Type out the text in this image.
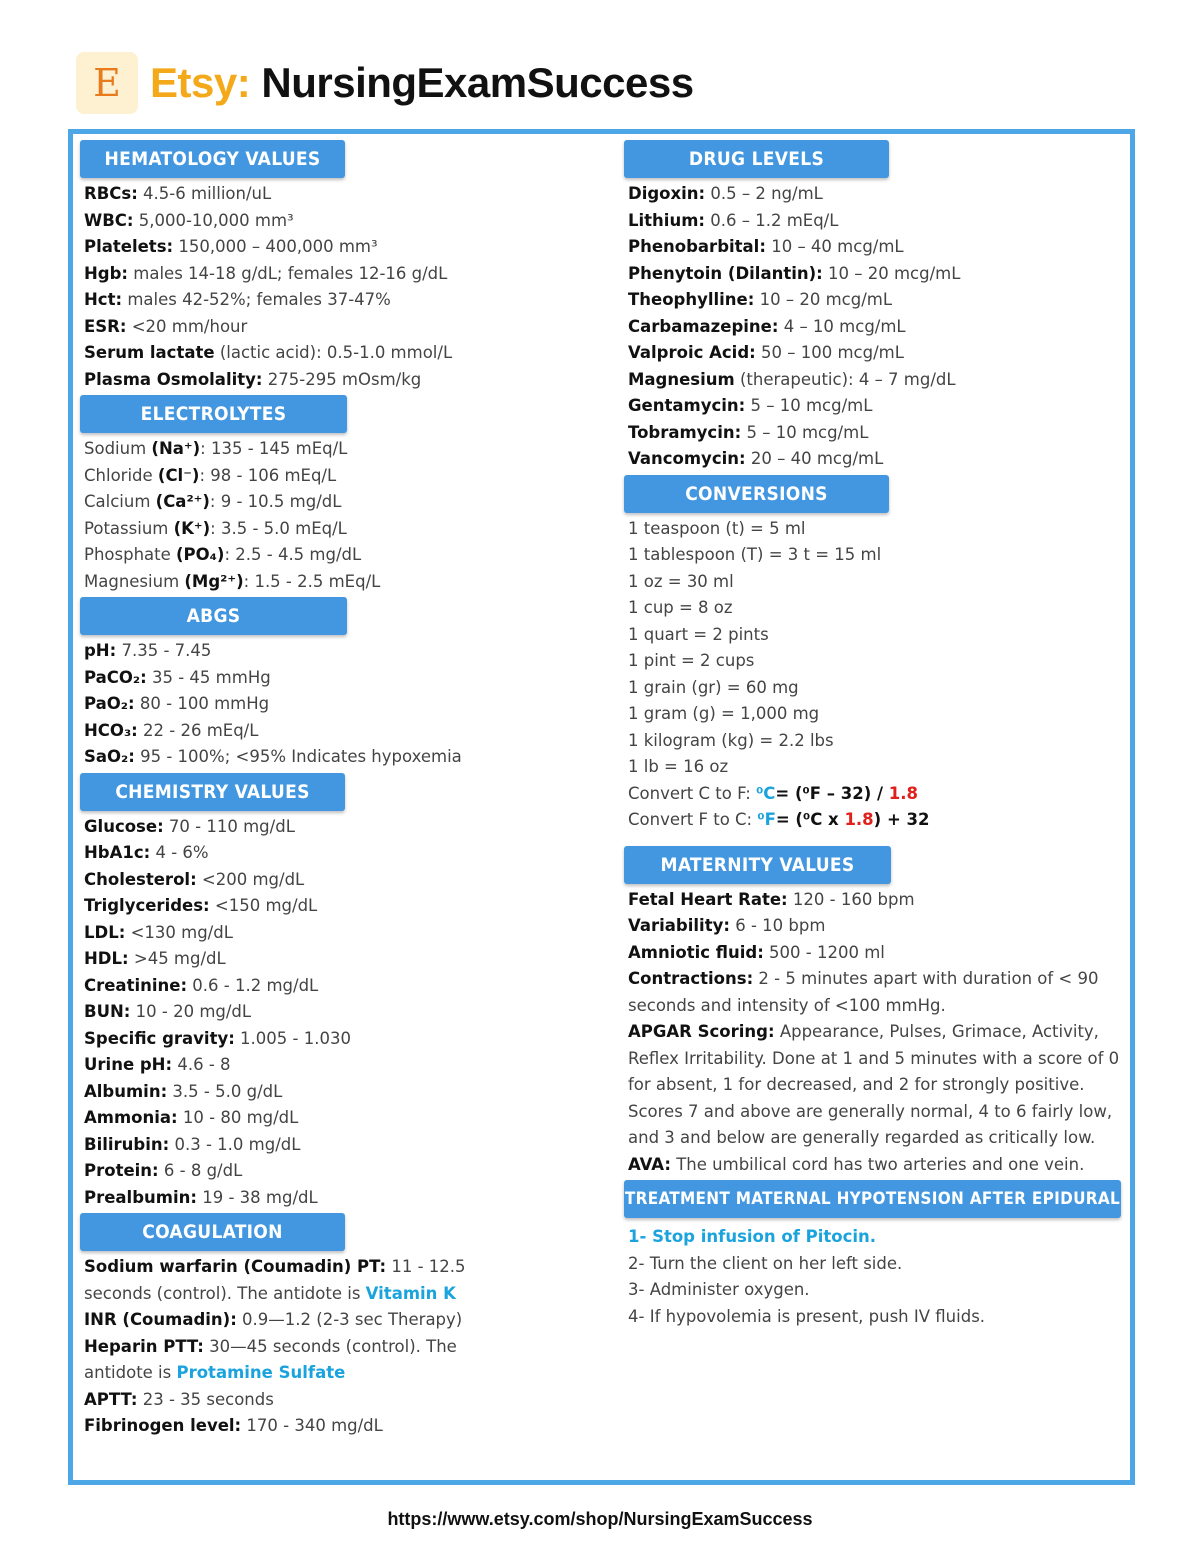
E Etsy: NursingExamSuccess
HEMATOLOGY VALUES
RBCs: 4.5-6 million/uL
WBC: 5,000-10,000 mm³
Platelets: 150,000 – 400,000 mm³
Hgb: males 14-18 g/dL; females 12-16 g/dL
Hct: males 42-52%; females 37-47%
ESR: <20 mm/hour
Serum lactate (lactic acid): 0.5-1.0 mmol/L
Plasma Osmolality: 275-295 mOsm/kg
ELECTROLYTES
Sodium (Na⁺): 135 - 145 mEq/L
Chloride (Cl⁻): 98 - 106 mEq/L
Calcium (Ca²⁺): 9 - 10.5 mg/dL
Potassium (K⁺): 3.5 - 5.0 mEq/L
Phosphate (PO₄): 2.5 - 4.5 mg/dL
Magnesium (Mg²⁺): 1.5 - 2.5 mEq/L
ABGS
pH: 7.35 - 7.45
PaCO₂: 35 - 45 mmHg
PaO₂: 80 - 100 mmHg
HCO₃: 22 - 26 mEq/L
SaO₂: 95 - 100%; <95% Indicates hypoxemia
CHEMISTRY VALUES
Glucose: 70 - 110 mg/dL
HbA1c: 4 - 6%
Cholesterol: <200 mg/dL
Triglycerides: <150 mg/dL
LDL: <130 mg/dL
HDL: >45 mg/dL
Creatinine: 0.6 - 1.2 mg/dL
BUN: 10 - 20 mg/dL
Specific gravity: 1.005 - 1.030
Urine pH: 4.6 - 8
Albumin: 3.5 - 5.0 g/dL
Ammonia: 10 - 80 mg/dL
Bilirubin: 0.3 - 1.0 mg/dL
Protein: 6 - 8 g/dL
Prealbumin: 19 - 38 mg/dL
COAGULATION
Sodium warfarin (Coumadin) PT: 11 - 12.5
seconds (control). The antidote is Vitamin K
INR (Coumadin): 0.9—1.2 (2-3 sec Therapy)
Heparin PTT: 30—45 seconds (control). The
antidote is Protamine Sulfate
APTT: 23 - 35 seconds
Fibrinogen level: 170 - 340 mg/dL
DRUG LEVELS
Digoxin: 0.5 – 2 ng/mL
Lithium: 0.6 – 1.2 mEq/L
Phenobarbital: 10 – 40 mcg/mL
Phenytoin (Dilantin): 10 – 20 mcg/mL
Theophylline: 10 – 20 mcg/mL
Carbamazepine: 4 – 10 mcg/mL
Valproic Acid: 50 – 100 mcg/mL
Magnesium (therapeutic): 4 – 7 mg/dL
Gentamycin: 5 – 10 mcg/mL
Tobramycin: 5 – 10 mcg/mL
Vancomycin: 20 – 40 mcg/mL
CONVERSIONS
1 teaspoon (t) = 5 ml
1 tablespoon (T) = 3 t = 15 ml
1 oz = 30 ml
1 cup = 8 oz
1 quart = 2 pints
1 pint = 2 cups
1 grain (gr) = 60 mg
1 gram (g) = 1,000 mg
1 kilogram (kg) = 2.2 lbs
1 lb = 16 oz
Convert C to F: ⁰C= (⁰F – 32) / 1.8
Convert F to C: ⁰F= (⁰C x 1.8) + 32
MATERNITY VALUES
Fetal Heart Rate: 120 - 160 bpm
Variability: 6 - 10 bpm
Amniotic fluid: 500 - 1200 ml
Contractions: 2 - 5 minutes apart with duration of < 90 seconds and intensity of <100 mmHg.
APGAR Scoring: Appearance, Pulses, Grimace, Activity, Reflex Irritability. Done at 1 and 5 minutes with a score of 0 for absent, 1 for decreased, and 2 for strongly positive. Scores 7 and above are generally normal, 4 to 6 fairly low, and 3 and below are generally regarded as critically low.
AVA: The umbilical cord has two arteries and one vein.
TREATMENT MATERNAL HYPOTENSION AFTER EPIDURAL
1- Stop infusion of Pitocin.
2- Turn the client on her left side.
3- Administer oxygen.
4- If hypovolemia is present, push IV fluids.
https://www.etsy.com/shop/NursingExamSuccess
